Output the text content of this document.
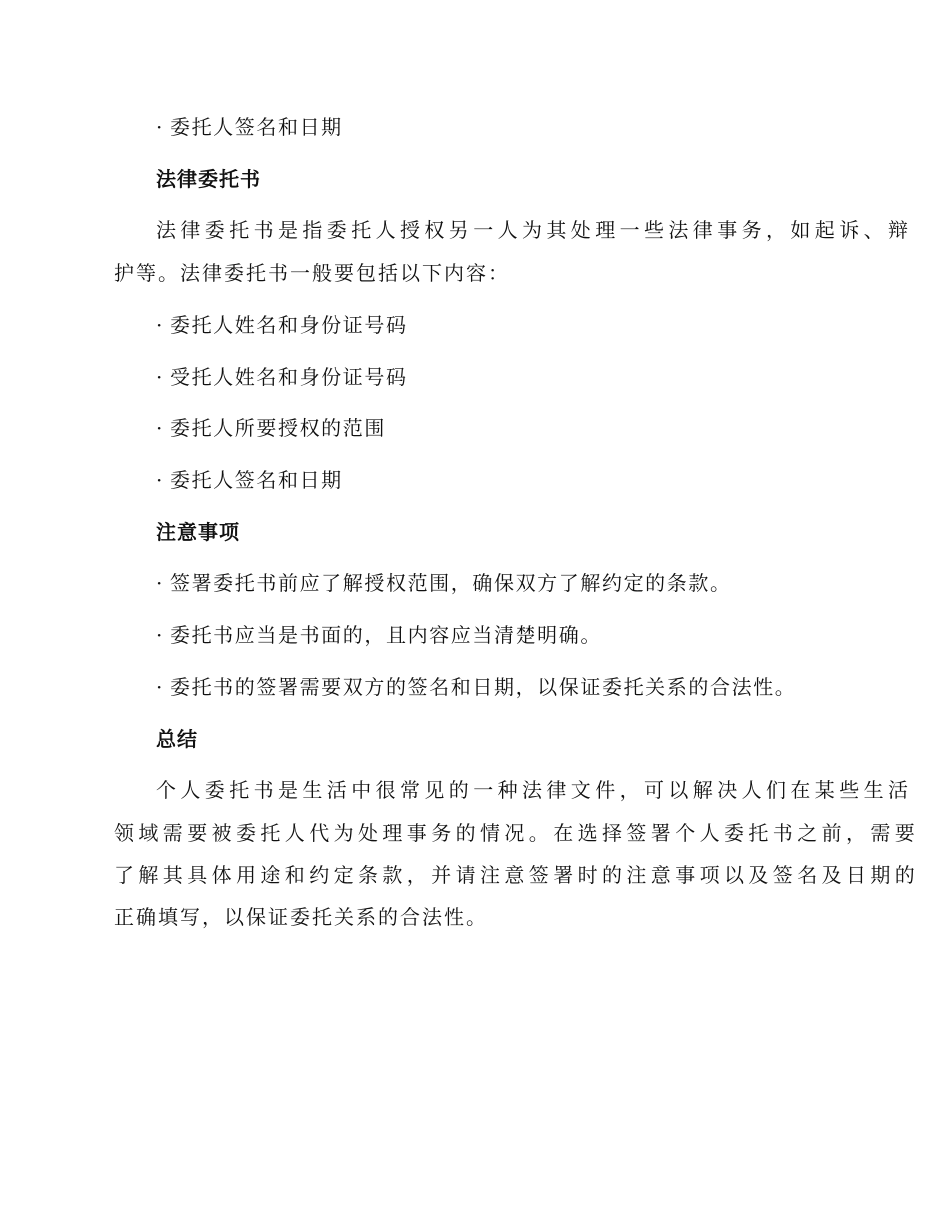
· 委托人签名和日期
法律委托书
法律委托书是指委托人授权另一人为其处理一些法律事务，如起诉、辩
护等。法律委托书一般要包括以下内容：
· 委托人姓名和身份证号码
· 受托人姓名和身份证号码
· 委托人所要授权的范围
· 委托人签名和日期
注意事项
· 签署委托书前应了解授权范围，确保双方了解约定的条款。
· 委托书应当是书面的，且内容应当清楚明确。
· 委托书的签署需要双方的签名和日期，以保证委托关系的合法性。
总结
个人委托书是生活中很常见的一种法律文件，可以解决人们在某些生活
领域需要被委托人代为处理事务的情况。在选择签署个人委托书之前，需要
了解其具体用途和约定条款，并请注意签署时的注意事项以及签名及日期的
正确填写，以保证委托关系的合法性。
